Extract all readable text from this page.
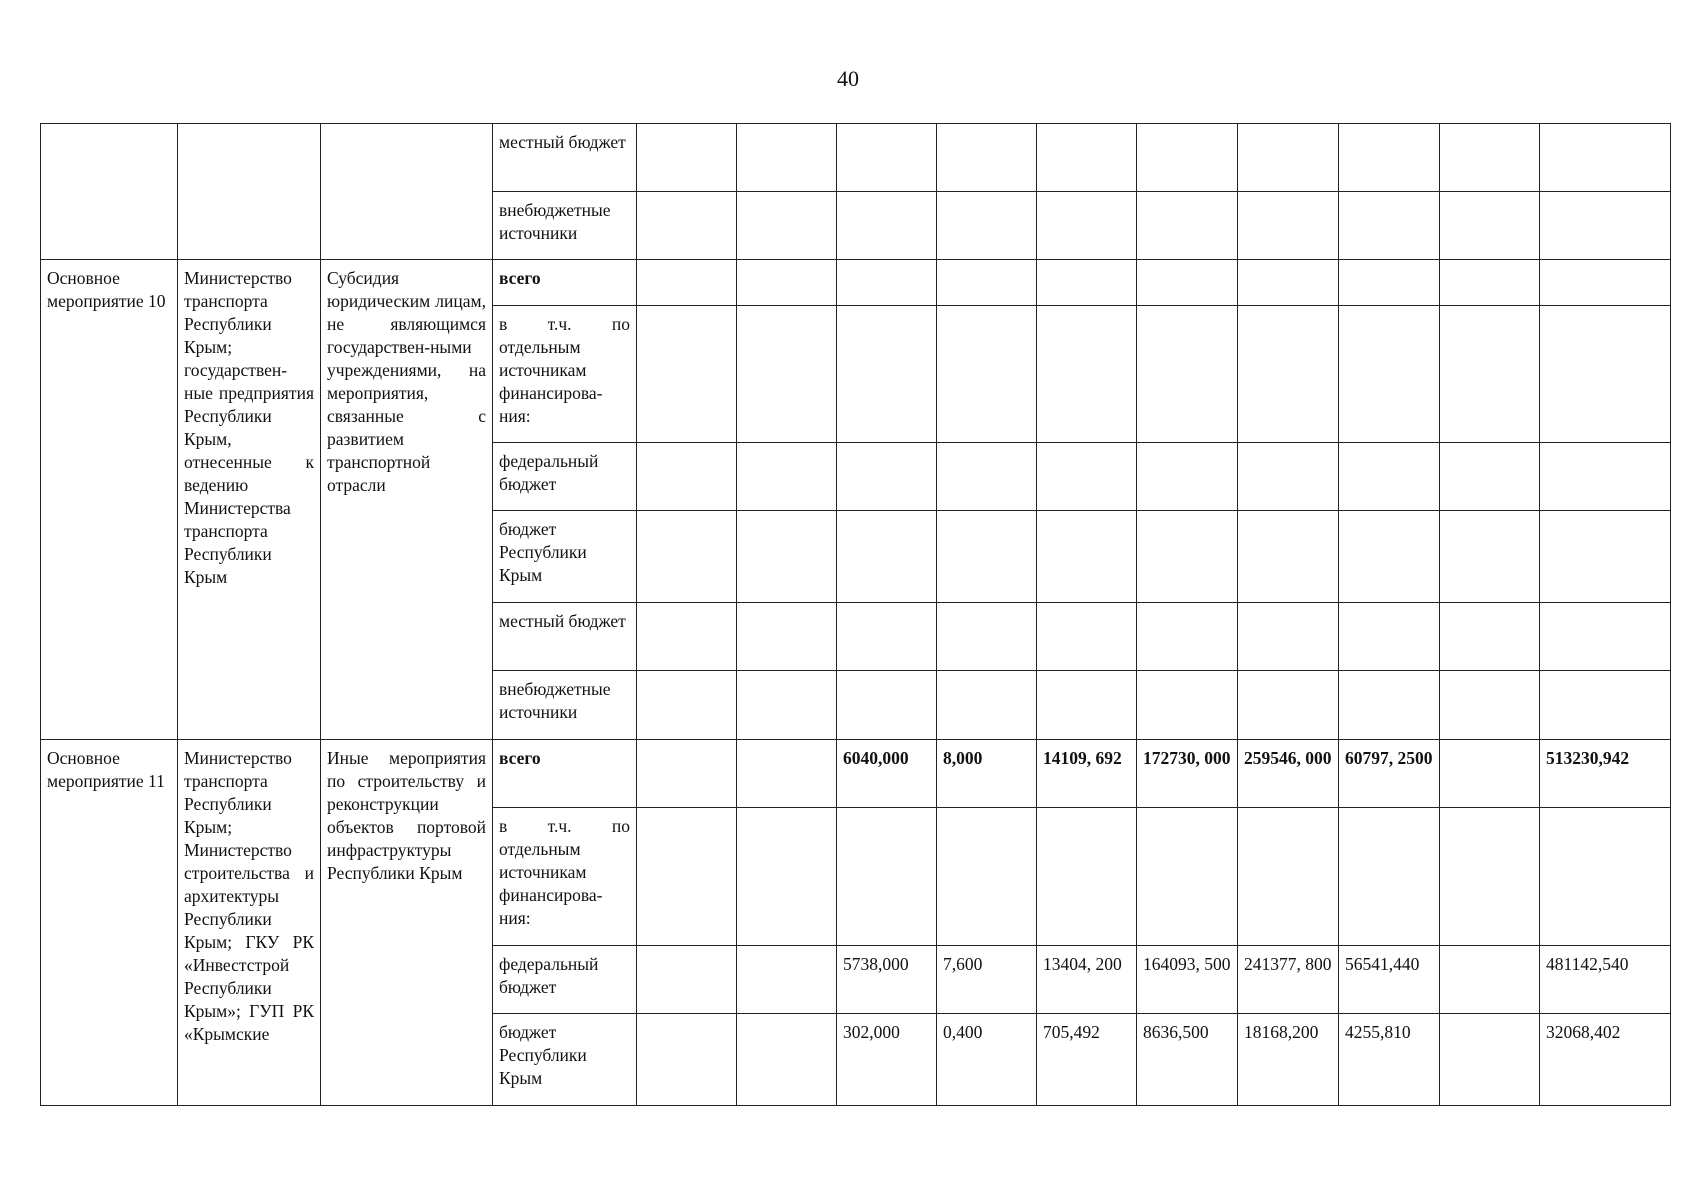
40
			местный бюджет										
			внебюджетные источники										
Основное мероприятие 10	Министерство транспорта Республики Крым; государствен-ные предприятия Республики Крым, отнесенные к ведению Министерства транспорта Республики Крым	Субсидия юридическим лицам, не являющимся государствен-ными учреждениями, на мероприятия, связанные с развитием транспортной отрасли	всего										
			в т.ч. по отдельным источникам финансирова-ния:										
			федеральный бюджет										
			бюджет Республики Крым										
			местный бюджет										
			внебюджетные источники										
Основное мероприятие 11	Министерство транспорта Республики Крым; Министерство строительства и архитектуры Республики Крым; ГКУ РК «Инвестстрой Республики Крым»; ГУП РК «Крымские	Иные мероприятия по строительству и реконструкции объектов портовой инфраструктуры Республики Крым	всего			6040,000	8,000	14109, 692	172730, 000	259546, 000	60797, 2500		513230,942
			в т.ч. по отдельным источникам финансирова-ния:										
			федеральный бюджет			5738,000	7,600	13404, 200	164093, 500	241377, 800	56541,440		481142,540
			бюджет Республики Крым			302,000	0,400	705,492	8636,500	18168,200	4255,810		32068,402
